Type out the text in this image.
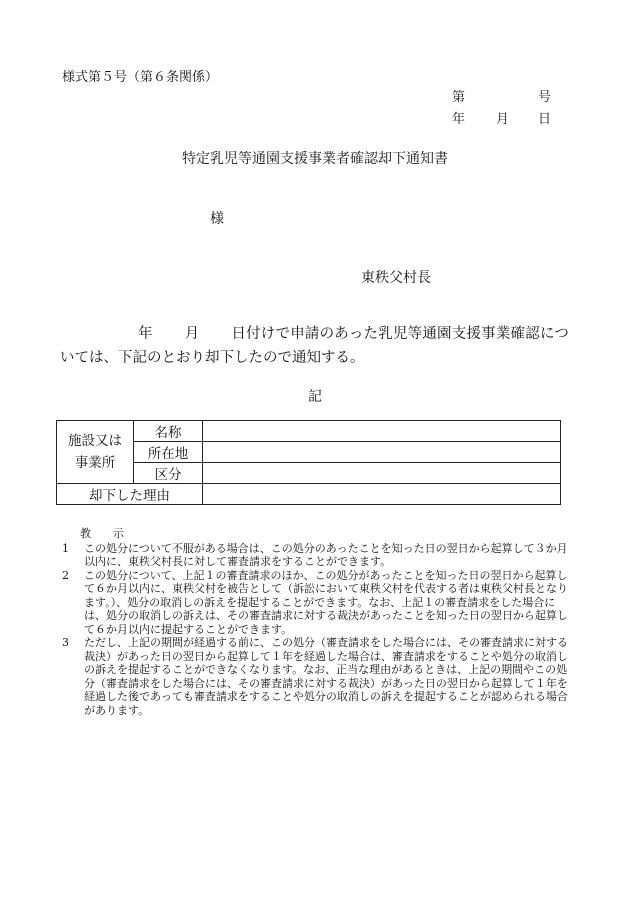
様式第５号（第６条関係）
第	号
年 月 日
特定乳児等通園支援事業者確認却下通知書
様
東秩父村長

年 月 日付けで申請のあった乳児等通園支援事業確認につ

いては、下記のとおり却下したので通知する。

記
施設又は
事業所	名称	
	所在地	
	区分	
却下した理由		
教　　示
1	この処分について不服がある場合は、この処分のあったことを知った日の翌日から起算して３か月以内に、東秩父村長に対して審査請求をすることができます。
2	この処分について、上記１の審査請求のほか、この処分があったことを知った日の翌日から起算して６か月以内に、東秩父村を被告として（訴訟において東秩父村を代表する者は東秩父村長となります。）、処分の取消しの訴えを提起することができます。なお、上記１の審査請求をした場合には、処分の取消しの訴えは、その審査請求に対する裁決があったことを知った日の翌日から起算して６か月以内に提起することができます。
3	ただし、上記の期間が経過する前に、この処分（審査請求をした場合には、その審査請求に対する裁決）があった日の翌日から起算して１年を経過した場合は、審査請求をすることや処分の取消しの訴えを提起することができなくなります。なお、正当な理由があるときは、上記の期間やこの処分（審査請求をした場合には、その審査請求に対する裁決）があった日の翌日から起算して１年を経過した後であっても審査請求をすることや処分の取消しの訴えを提起することが認められる場合があります。
